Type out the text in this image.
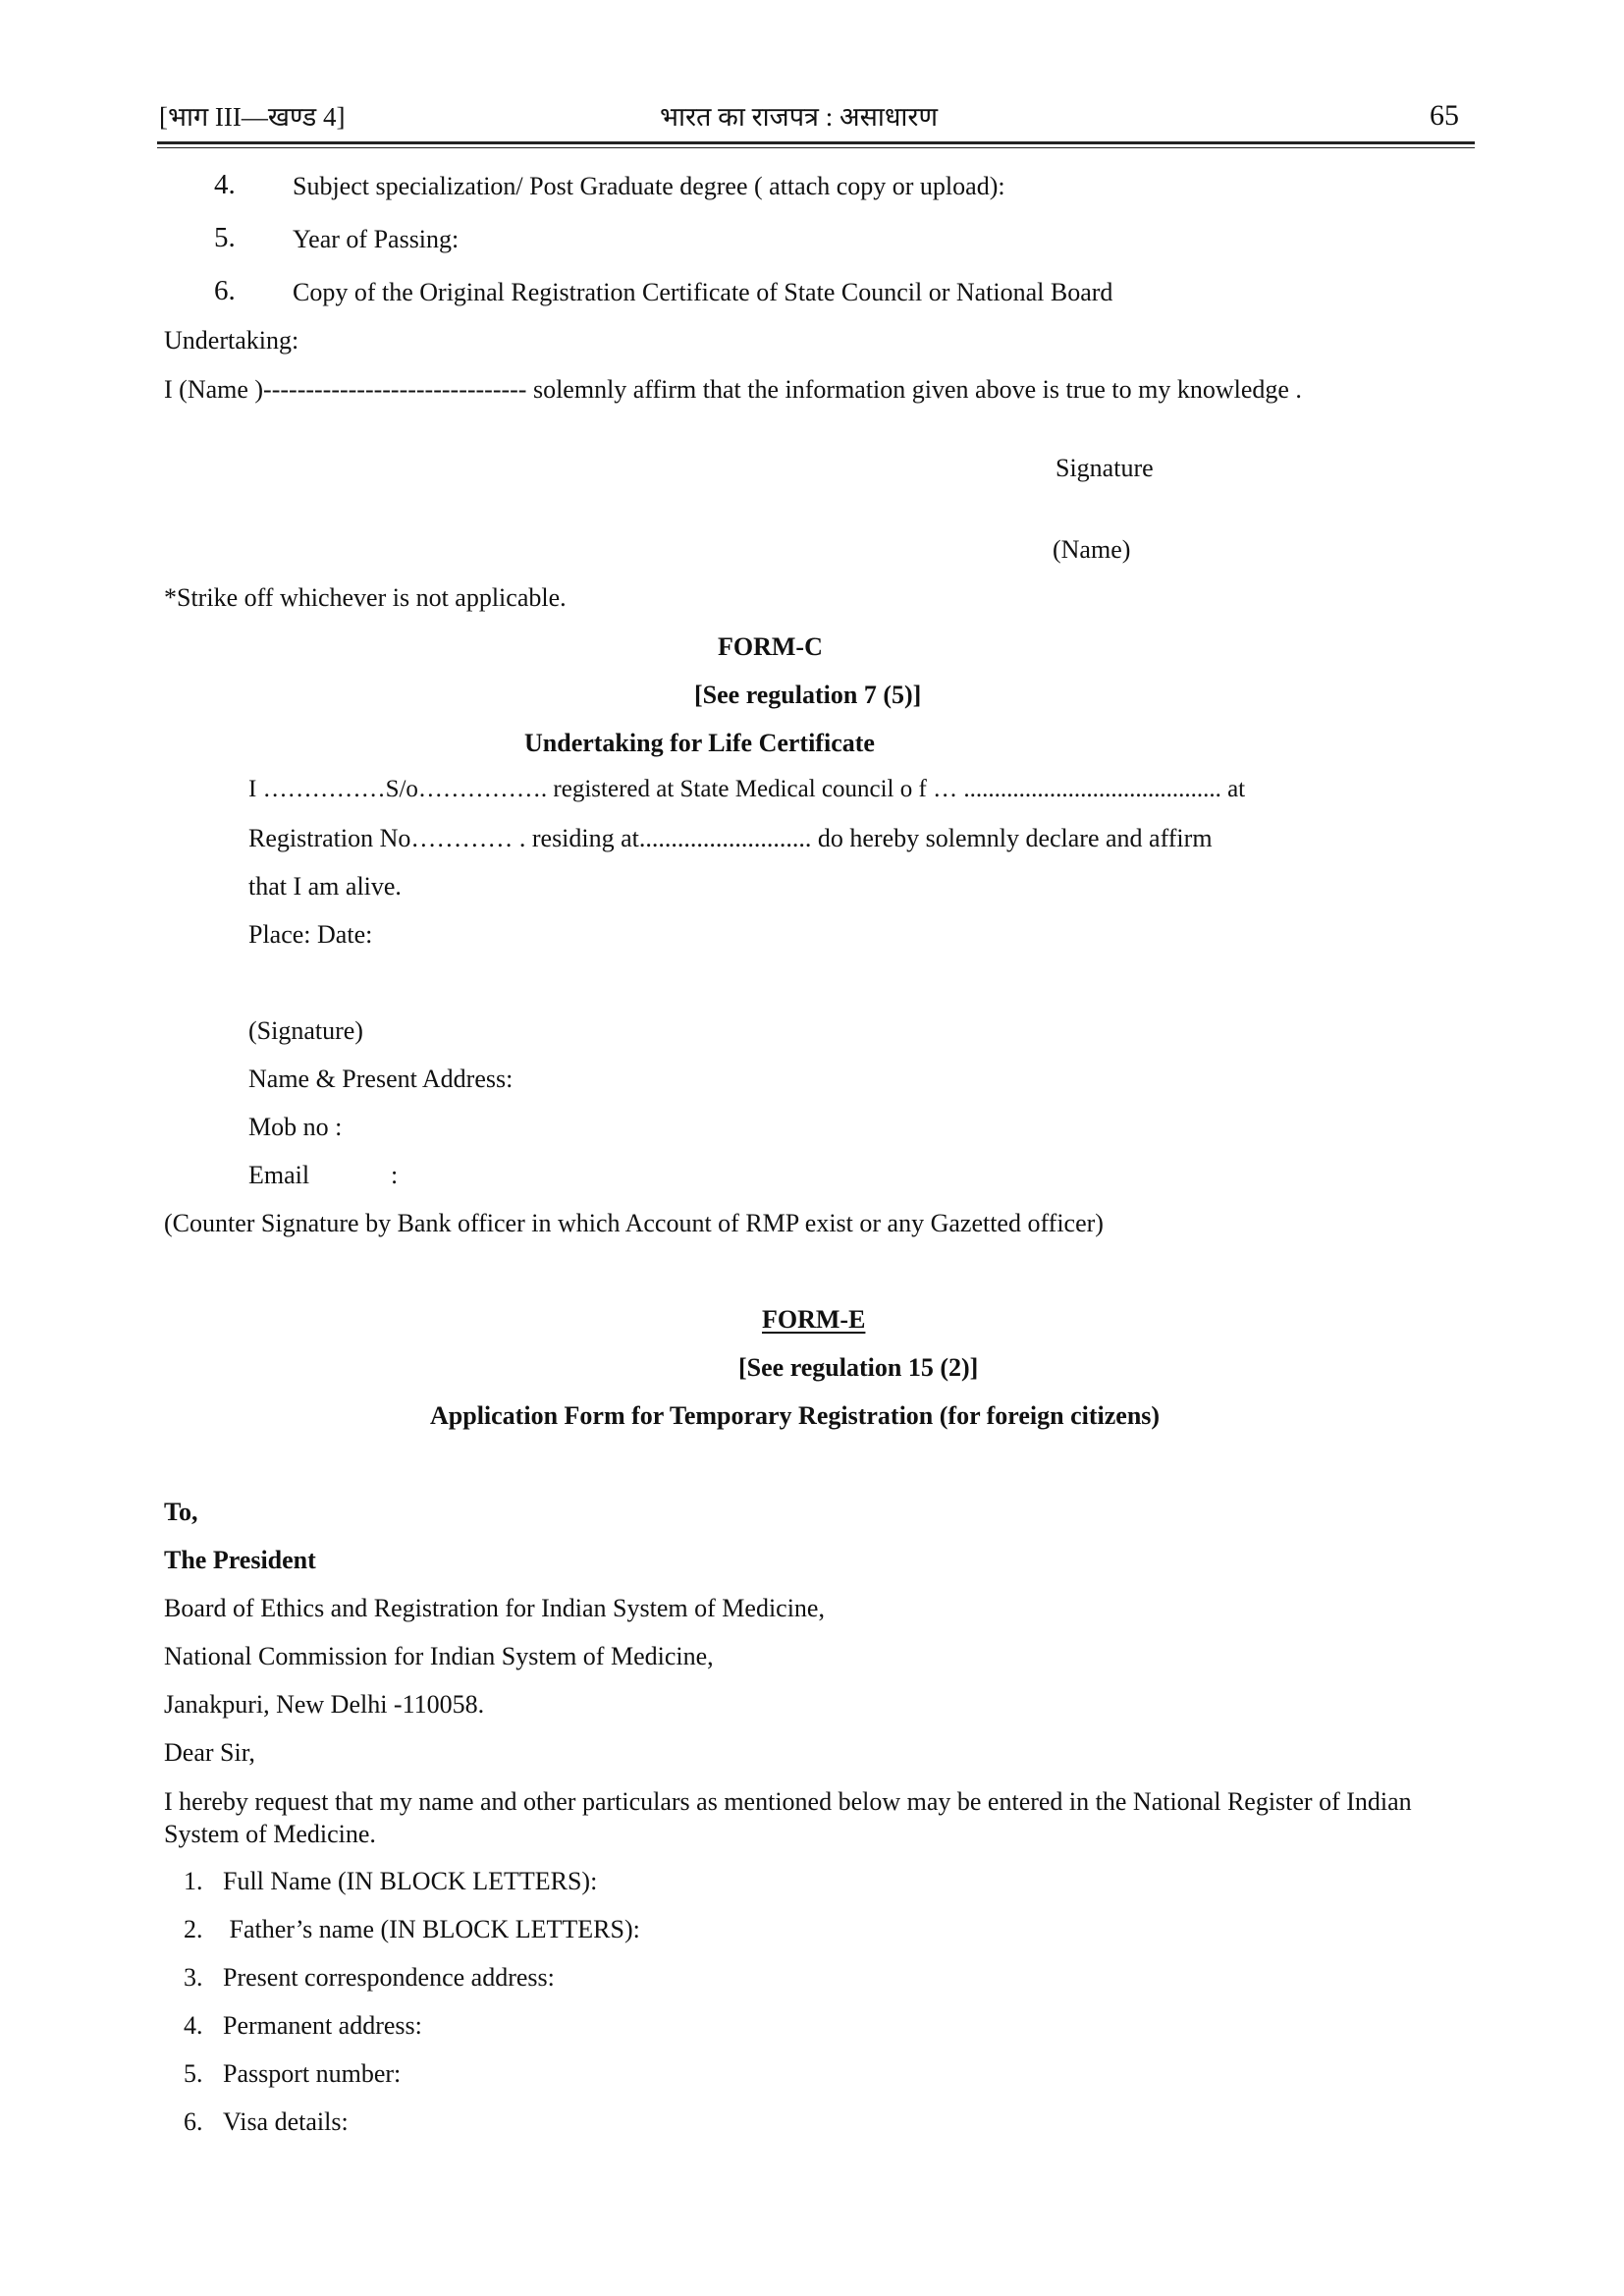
[भाग III—खण्ड 4]	भारत का राजपत्र : असाधारण	65
4. Subject specialization/ Post Graduate degree ( attach copy or upload):
5. Year of Passing:
6. Copy of the Original Registration Certificate of State Council or National Board
Undertaking:
I (Name )------------------------------- solemnly affirm that the information given above is true to my knowledge .
Signature
(Name)
*Strike off whichever is not applicable.
FORM-C
[See regulation 7 (5)]
Undertaking for Life Certificate
I ……………S/o……………. registered at State Medical council o f … .......................................... at
Registration No………… . residing at........................... do hereby solemnly declare and affirm
that I am alive.
Place: Date:
(Signature)
Name & Present Address:
Mob no :
Email	:
(Counter Signature by Bank officer in which Account of RMP exist or any Gazetted officer)
FORM-E
[See regulation 15 (2)]
Application Form for Temporary Registration (for foreign citizens)
To,
The President
Board of Ethics and Registration for Indian System of Medicine,
National Commission for Indian System of Medicine,
Janakpuri, New Delhi -110058.
Dear Sir,
I hereby request that my name and other particulars as mentioned below may be entered in the National Register of Indian System of Medicine.
1. Full Name (IN BLOCK LETTERS):
2. Father’s name (IN BLOCK LETTERS):
3. Present correspondence address:
4. Permanent address:
5. Passport number:
6. Visa details:
